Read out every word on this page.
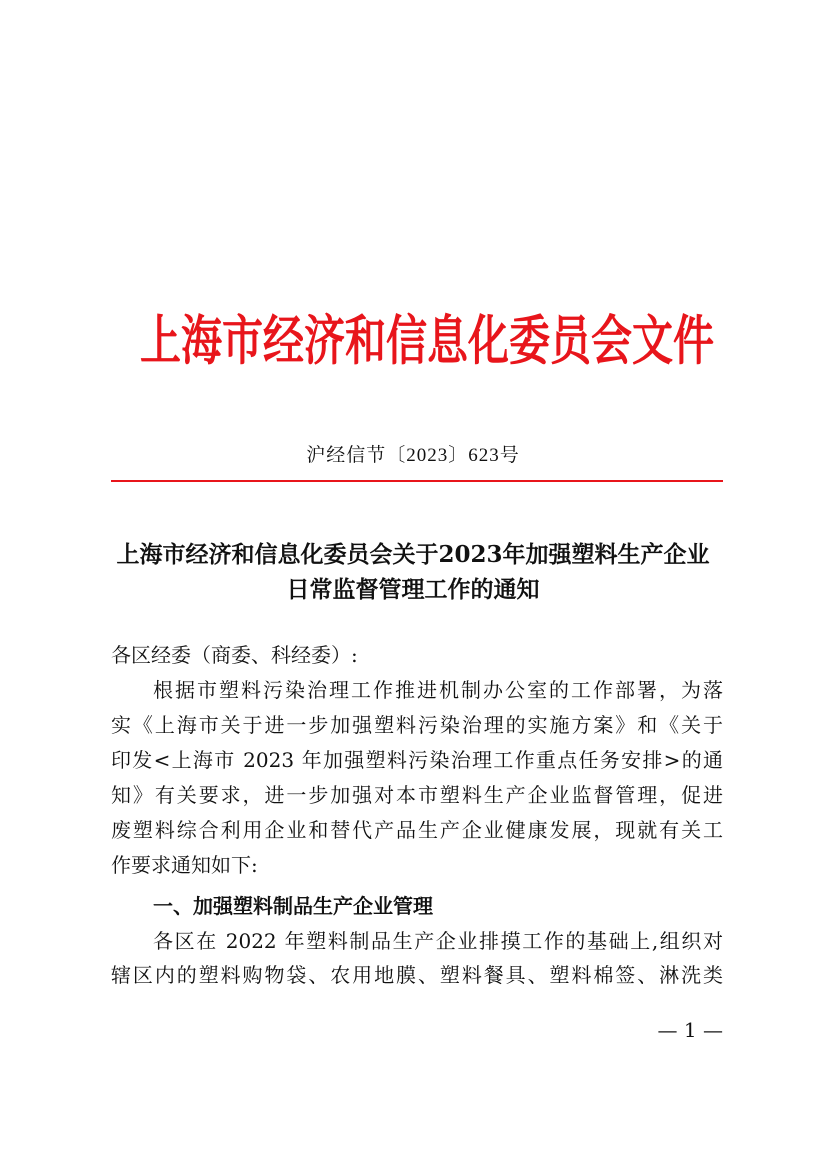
上海市经济和信息化委员会文件
沪经信节〔2023〕623号
上海市经济和信息化委员会关于2023年加强塑料生产企业
日常监督管理工作的通知
各区经委（商委、科经委）:
根据市塑料污染治理工作推进机制办公室的工作部署，为落
实《上海市关于进一步加强塑料污染治理的实施方案》和《关于
印发<上海市 2023 年加强塑料污染治理工作重点任务安排>的通
知》有关要求，进一步加强对本市塑料生产企业监督管理，促进
废塑料综合利用企业和替代产品生产企业健康发展，现就有关工
作要求通知如下:
一、加强塑料制品生产企业管理
各区在 2022 年塑料制品生产企业排摸工作的基础上,组织对
辖区内的塑料购物袋、农用地膜、塑料餐具、塑料棉签、淋洗类
— 1 —
